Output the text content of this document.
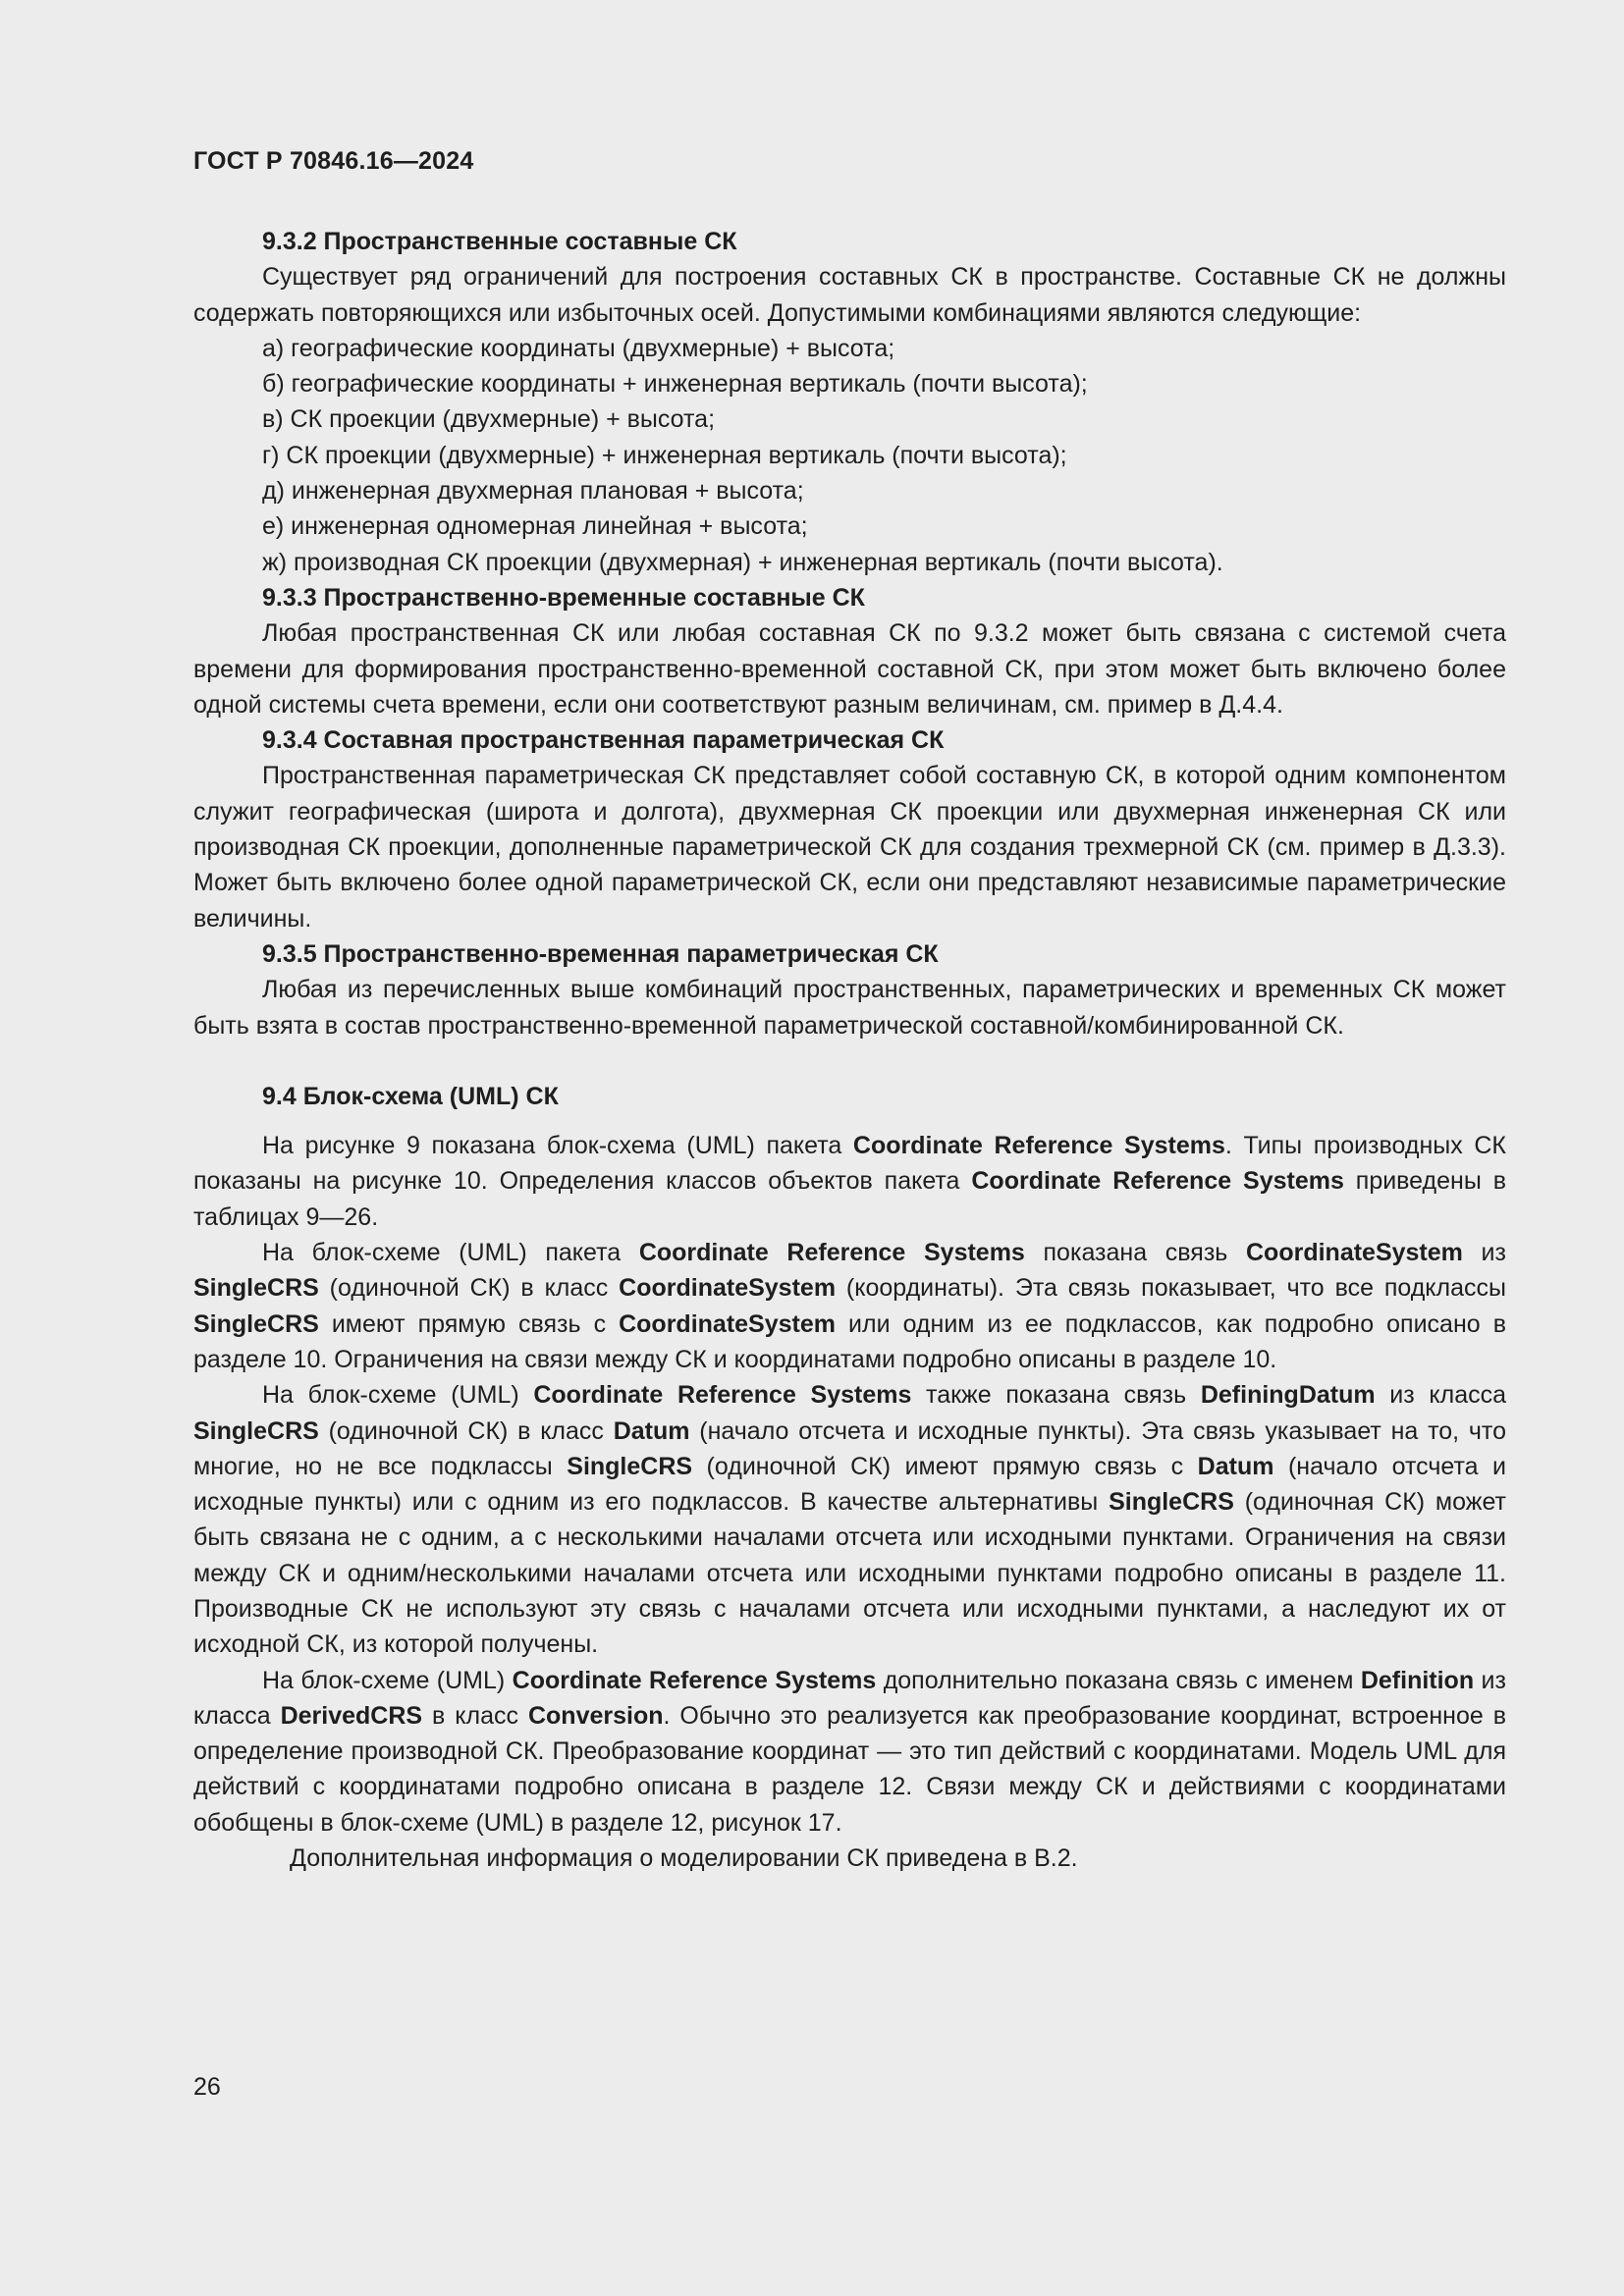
ГОСТ Р 70846.16—2024

9.3.2 Пространственные составные СК

Существует ряд ограничений для построения составных СК в пространстве. Составные СК не должны содержать повторяющихся или избыточных осей. Допустимыми комбинациями являются следующие:

а) географические координаты (двухмерные) + высота;

б) географические координаты + инженерная вертикаль (почти высота);

в) СК проекции (двухмерные) + высота;

г) СК проекции (двухмерные) + инженерная вертикаль (почти высота);

д) инженерная двухмерная плановая + высота;

е) инженерная одномерная линейная + высота;

ж) производная СК проекции (двухмерная) + инженерная вертикаль (почти высота).

9.3.3 Пространственно-временные составные СК

Любая пространственная СК или любая составная СК по 9.3.2 может быть связана с системой счета времени для формирования пространственно-временной составной СК, при этом может быть включено более одной системы счета времени, если они соответствуют разным величинам, см. пример в Д.4.4.

9.3.4 Составная пространственная параметрическая СК

Пространственная параметрическая СК представляет собой составную СК, в которой одним компонентом служит географическая (широта и долгота), двухмерная СК проекции или двухмерная инженерная СК или производная СК проекции, дополненные параметрической СК для создания трехмерной СК (см. пример в Д.3.3). Может быть включено более одной параметрической СК, если они представляют независимые параметрические величины.

9.3.5 Пространственно-временная параметрическая СК

Любая из перечисленных выше комбинаций пространственных, параметрических и временных СК может быть взята в состав пространственно-временной параметрической составной/комбинированной СК.

9.4 Блок-схема (UML) СК

На рисунке 9 показана блок-схема (UML) пакета Coordinate Reference Systems. Типы производных СК показаны на рисунке 10. Определения классов объектов пакета Coordinate Reference Systems приведены в таблицах 9—26.

На блок-схеме (UML) пакета Coordinate Reference Systems показана связь CoordinateSystem из SingleCRS (одиночной СК) в класс CoordinateSystem (координаты). Эта связь показывает, что все подклассы SingleCRS имеют прямую связь с CoordinateSystem или одним из ее подклассов, как подробно описано в разделе 10. Ограничения на связи между СК и координатами подробно описаны в разделе 10.

На блок-схеме (UML) Coordinate Reference Systems также показана связь DefiningDatum из класса SingleCRS (одиночной СК) в класс Datum (начало отсчета и исходные пункты). Эта связь указывает на то, что многие, но не все подклассы SingleCRS (одиночной СК) имеют прямую связь с Datum (начало отсчета и исходные пункты) или с одним из его подклассов. В качестве альтернативы SingleCRS (одиночная СК) может быть связана не с одним, а с несколькими началами отсчета или исходными пунктами. Ограничения на связи между СК и одним/несколькими началами отсчета или исходными пунктами подробно описаны в разделе 11. Производные СК не используют эту связь с началами отсчета или исходными пунктами, а наследуют их от исходной СК, из которой получены.

На блок-схеме (UML) Coordinate Reference Systems дополнительно показана связь с именем Definition из класса DerivedCRS в класс Conversion. Обычно это реализуется как преобразование координат, встроенное в определение производной СК. Преобразование координат — это тип действий с координатами. Модель UML для действий с координатами подробно описана в разделе 12. Связи между СК и действиями с координатами обобщены в блок-схеме (UML) в разделе 12, рисунок 17.

Дополнительная информация о моделировании СК приведена в В.2.

26
